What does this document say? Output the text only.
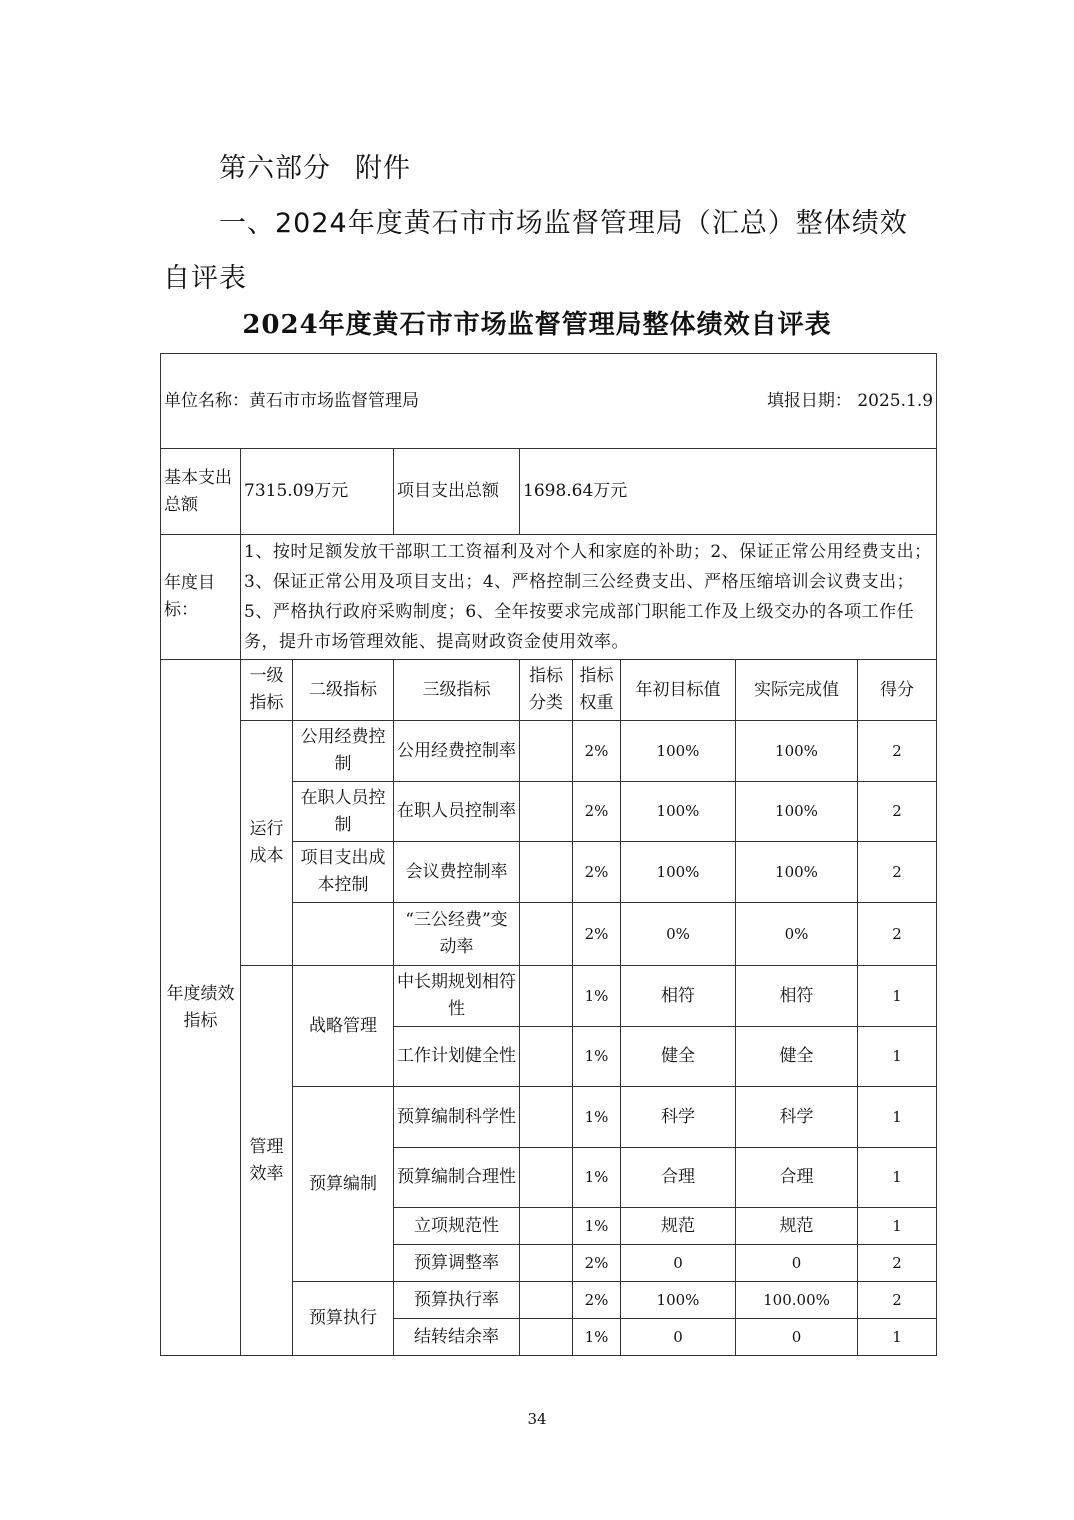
第六部分 附件
一、2024年度黄石市市场监督管理局（汇总）整体绩效
自评表
2024年度黄石市市场监督管理局整体绩效自评表
单位名称：黄石市市场监督管理局 填报日期： 2025.1.9								

基本支出总额	7315.09万元		项目支出总额	1698.64万元				
年度目标：	1、按时足额发放干部职工工资福利及对个人和家庭的补助；2、保证正常公用经费支出；3、保证正常公用及项目支出；4、严格控制三公经费支出、严格压缩培训会议费支出；5、严格执行政府采购制度；6、全年按要求完成部门职能工作及上级交办的各项工作任务，提升市场管理效能、提高财政资金使用效率。							
年度绩效指标	一级指标	二级指标	三级指标	指标分类	指标权重	年初目标值	实际完成值	得分
	运行成本	公用经费控制	公用经费控制率		2%	100%	100%	2
		在职人员控制	在职人员控制率		2%	100%	100%	2
		项目支出成本控制	会议费控制率		2%	100%	100%	2
			“三公经费”变动率		2%	0%	0%	2
	管理效率	战略管理	中长期规划相符性		1%	相符	相符	1
			工作计划健全性		1%	健全	健全	1
		预算编制	预算编制科学性		1%	科学	科学	1
			预算编制合理性		1%	合理	合理	1
			立项规范性		1%	规范	规范	1
			预算调整率		2%	0	0	2
		预算执行	预算执行率		2%	100%	100.00%	2
			结转结余率		1%	0	0	1
34
